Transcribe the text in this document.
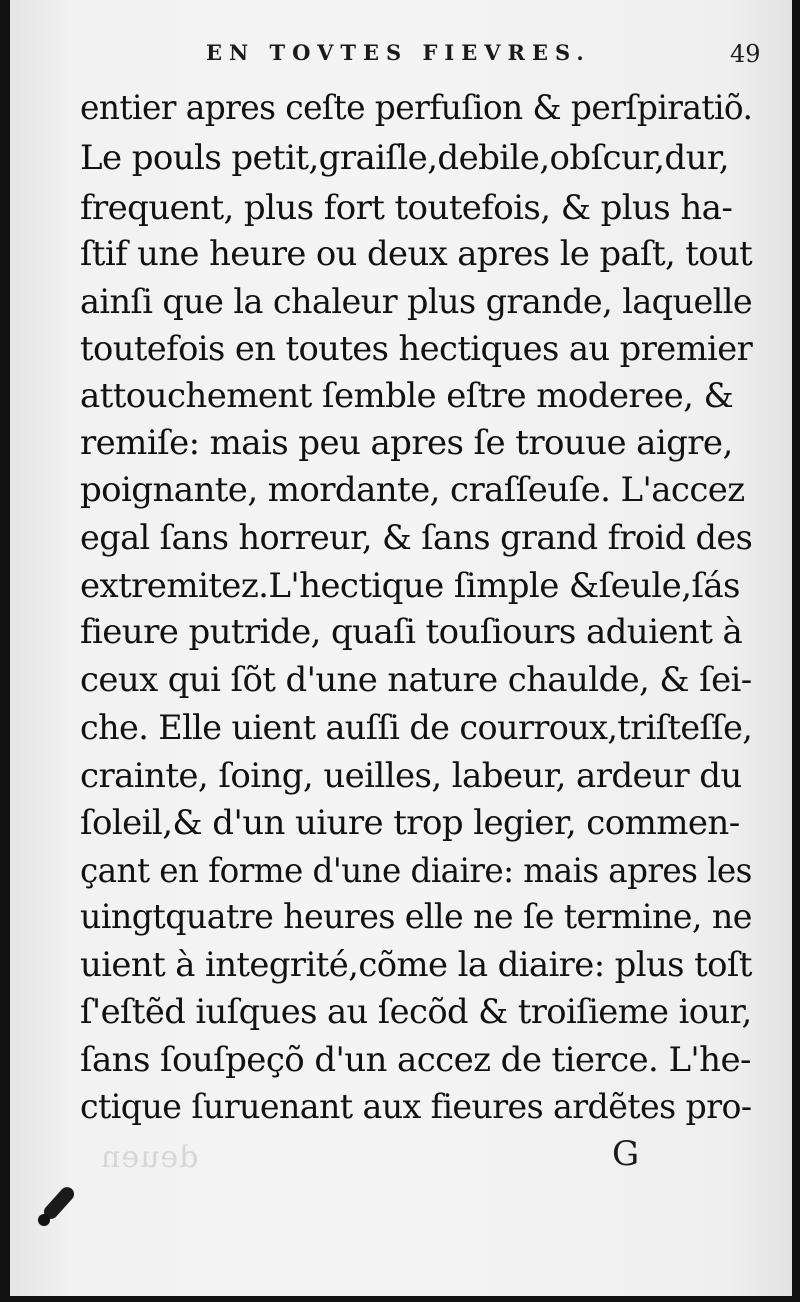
EN TOVTES FIEVRES.	49
entier apres ceſte perfuſion & perſpiratiõ.
Le pouls petit,graiſle,debile,obſcur,dur,
frequent, plus fort toutefois, & plus ha-
ſtif une heure ou deux apres le paſt, tout
ainſi que la chaleur plus grande, laquelle
toutefois en toutes hectiques au premier
attouchement ſemble eſtre moderee, &
remiſe: mais peu apres ſe trouue aigre,
poignante, mordante, craſſeuſe. L'accez
egal ſans horreur, & ſans grand froid des
extremitez.L'hectique ſimple &ſeule,ſás
fieure putride, quaſi touſiours aduient à
ceux qui ſõt d'une nature chaulde, & ſei-
che. Elle uient auſſi de courroux,triſteſſe,
crainte, ſoing, ueilles, labeur, ardeur du
ſoleil,& d'un uiure trop legier, commen-
çant en forme d'une diaire: mais apres les
uingtquatre heures elle ne ſe termine, ne
uient à integrité,cõme la diaire: plus toſt
ſ'eſtẽd iuſques au ſecõd & troiſieme iour,
ſans ſouſpeçõ d'un accez de tierce. L'he-
ctique ſuruenant aux fieures ardẽtes pro-
deuen	G
